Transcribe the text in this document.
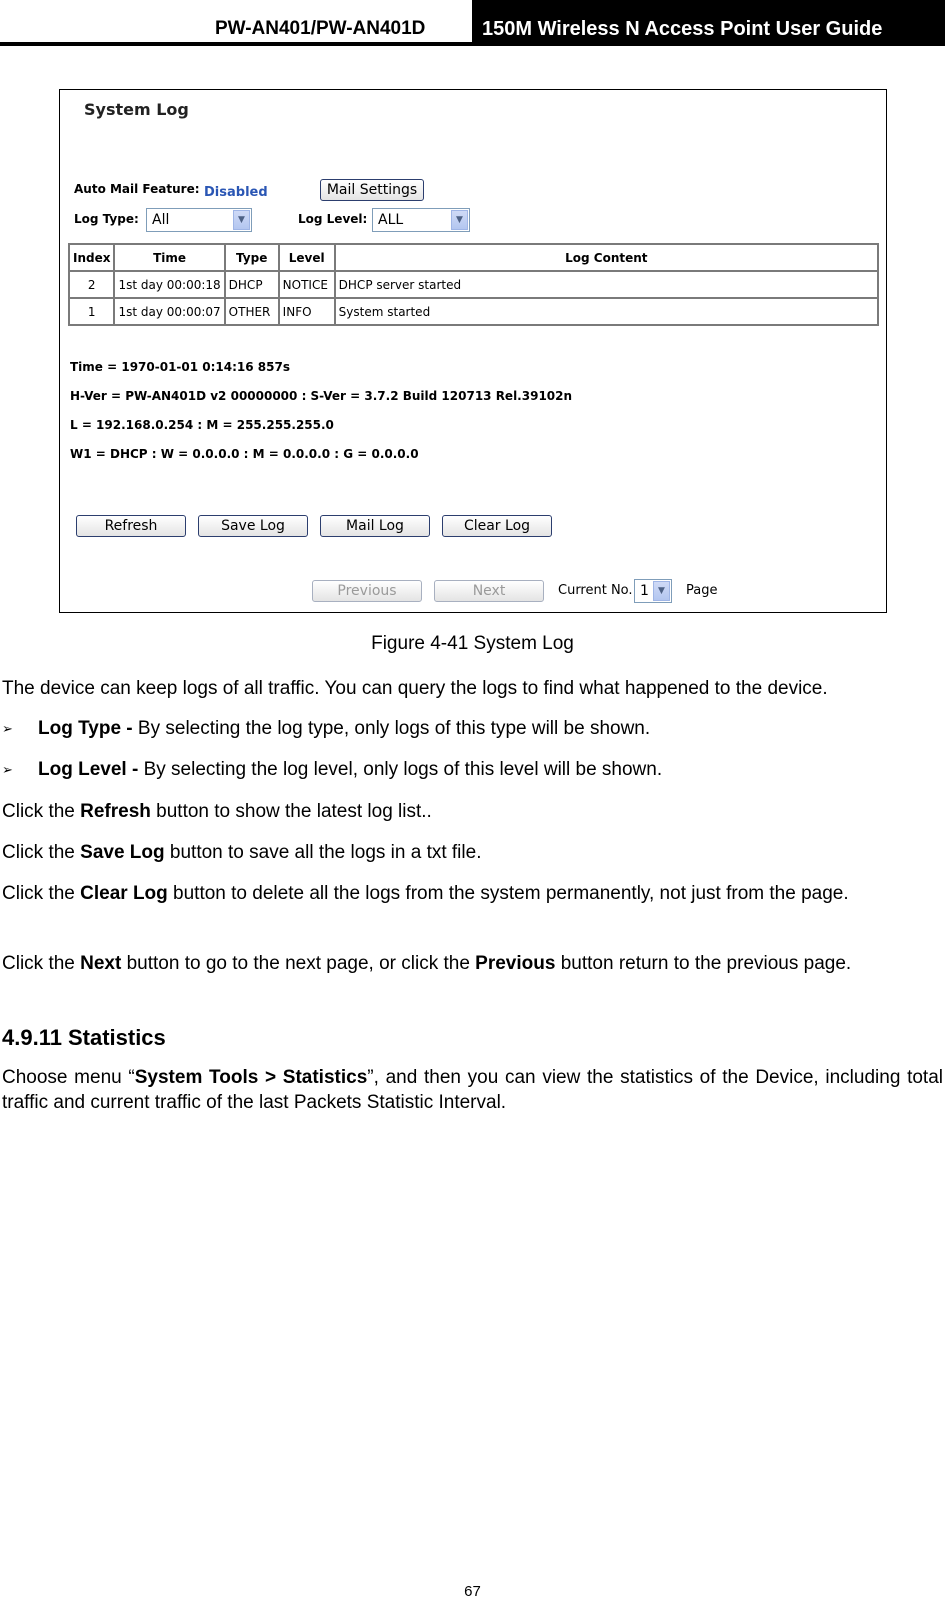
PW-AN401/PW-AN401D	150M Wireless N Access Point User Guide
System Log
Auto Mail Feature: Disabled	Mail Settings
Log Type: All	▼	Log Level: ALL	▼
Index	Time	Type	Level	Log Content
2	1st day 00:00:18	DHCP	NOTICE	DHCP server started
1	1st day 00:00:07	OTHER	INFO	System started
Time = 1970-01-01 0:14:16 857s
H-Ver = PW-AN401D v2 00000000 : S-Ver = 3.7.2 Build 120713 Rel.39102n
L = 192.168.0.254 : M = 255.255.255.0
W1 = DHCP : W = 0.0.0.0 : M = 0.0.0.0 : G = 0.0.0.0
Refresh	Save Log	Mail Log	Clear Log
Previous	Next	Current No. 1	▼	Page
Figure 4-41 System Log
The device can keep logs of all traffic. You can query the logs to find what happened to the device.
➢ Log Type - By selecting the log type, only logs of this type will be shown.
➢ Log Level - By selecting the log level, only logs of this level will be shown.
Click the Refresh button to show the latest log list..
Click the Save Log button to save all the logs in a txt file.
Click the Clear Log button to delete all the logs from the system permanently, not just from the page.
Click the Next button to go to the next page, or click the Previous button return to the previous page.
4.9.11 Statistics
Choose menu “System Tools > Statistics”, and then you can view the statistics of the Device, including total traffic and current traffic of the last Packets Statistic Interval.
67
